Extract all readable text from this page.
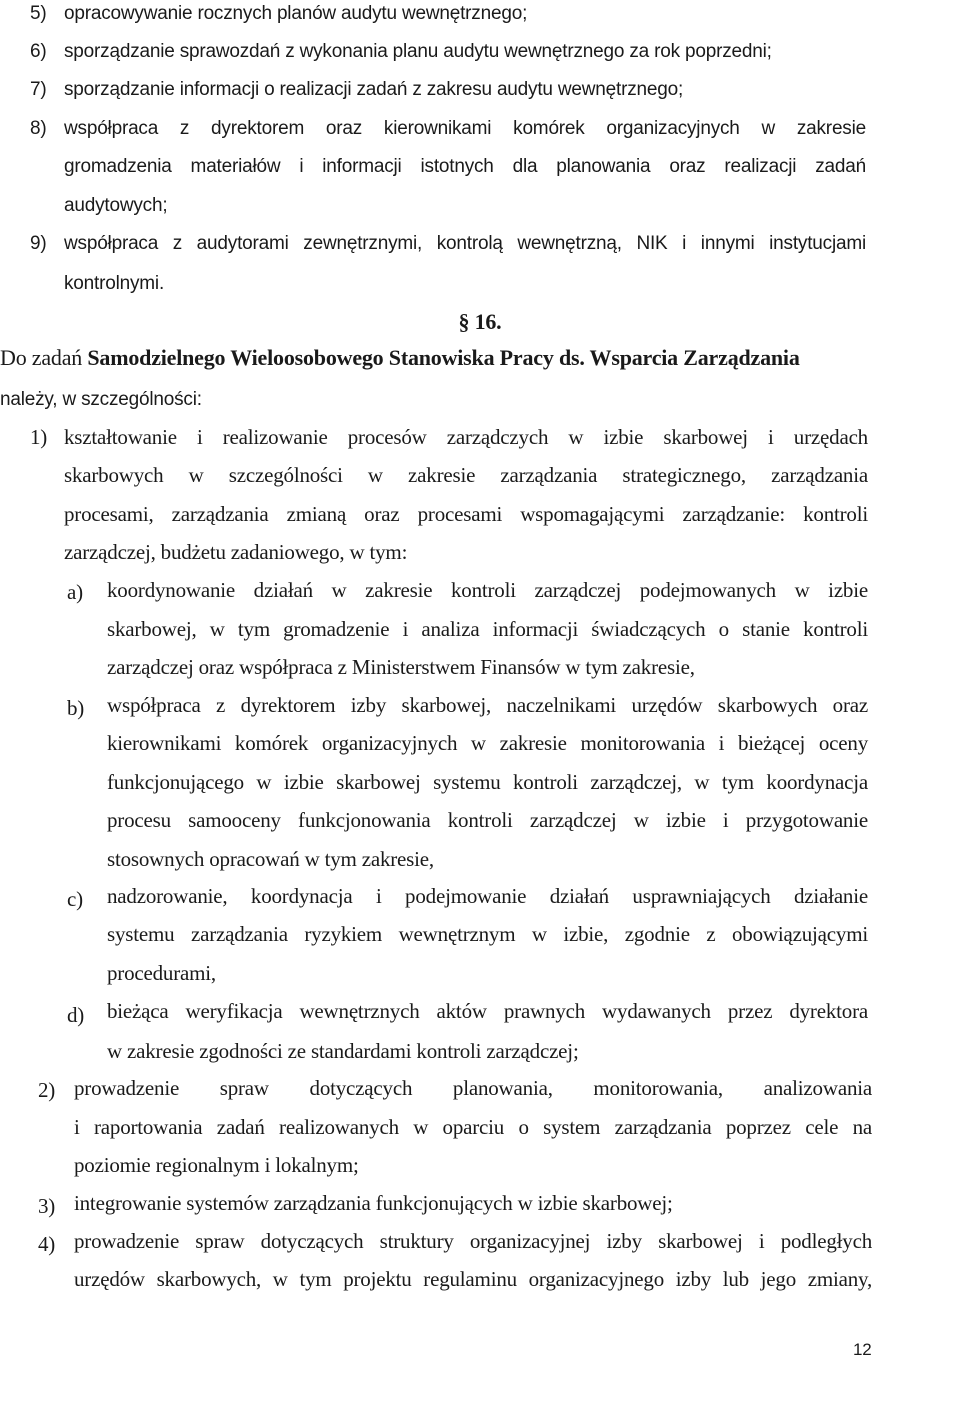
5) opracowywanie rocznych planów audytu wewnętrznego;
6) sporządzanie sprawozdań z wykonania planu audytu wewnętrznego za rok poprzedni;
7) sporządzanie informacji o realizacji zadań z zakresu audytu wewnętrznego;
8) współpraca z dyrektorem oraz kierownikami komórek organizacyjnych w zakresie
gromadzenia materiałów i informacji istotnych dla planowania oraz realizacji zadań
audytowych;
9) współpraca z audytorami zewnętrznymi, kontrolą wewnętrzną, NIK i innymi instytucjami
kontrolnymi.
§ 16.
Do zadań Samodzielnego Wieloosobowego Stanowiska Pracy ds. Wsparcia Zarządzania
należy, w szczególności:
1) kształtowanie i realizowanie procesów zarządczych w izbie skarbowej i urzędach
skarbowych w szczególności w zakresie zarządzania strategicznego, zarządzania
procesami, zarządzania zmianą oraz procesami wspomagającymi zarządzanie: kontroli
zarządczej, budżetu zadaniowego, w tym:
a) koordynowanie działań w zakresie kontroli zarządczej podejmowanych w izbie
skarbowej, w tym gromadzenie i analiza informacji świadczących o stanie kontroli
zarządczej oraz współpraca z Ministerstwem Finansów w tym zakresie,
b) współpraca z dyrektorem izby skarbowej, naczelnikami urzędów skarbowych oraz
kierownikami komórek organizacyjnych w zakresie monitorowania i bieżącej oceny
funkcjonującego w izbie skarbowej systemu kontroli zarządczej, w tym koordynacja
procesu samooceny funkcjonowania kontroli zarządczej w izbie i przygotowanie
stosownych opracowań w tym zakresie,
c) nadzorowanie, koordynacja i podejmowanie działań usprawniających działanie
systemu zarządzania ryzykiem wewnętrznym w izbie, zgodnie z obowiązującymi
procedurami,
d) bieżąca weryfikacja wewnętrznych aktów prawnych wydawanych przez dyrektora
w zakresie zgodności ze standardami kontroli zarządczej;
2) prowadzenie spraw dotyczących planowania, monitorowania, analizowania
i raportowania zadań realizowanych w oparciu o system zarządzania poprzez cele na
poziomie regionalnym i lokalnym;
3) integrowanie systemów zarządzania funkcjonujących w izbie skarbowej;
4) prowadzenie spraw dotyczących struktury organizacyjnej izby skarbowej i podległych
urzędów skarbowych, w tym projektu regulaminu organizacyjnego izby lub jego zmiany,
12
